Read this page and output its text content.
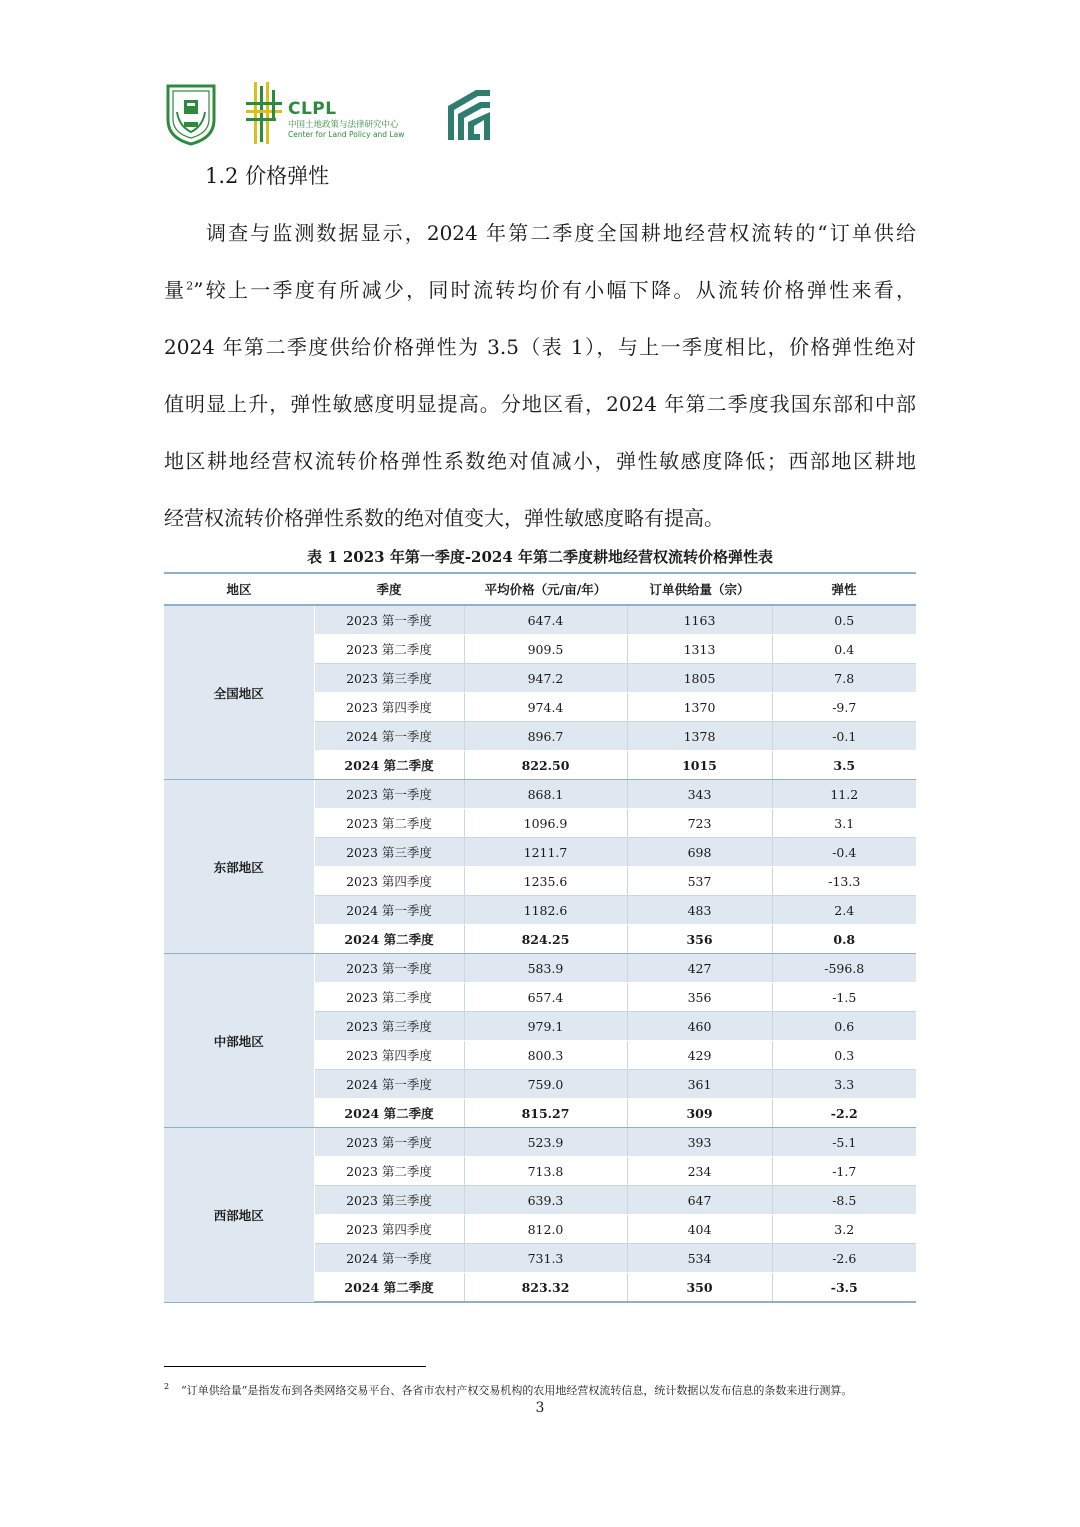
CLPL
中国土地政策与法律研究中心
Center for Land Policy and Law
1.2 价格弹性
调查与监测数据显示，2024 年第二季度全国耕地经营权流转的“订单供给
量$^2$”较上一季度有所减少，同时流转均价有小幅下降。从流转价格弹性来看，
2024 年第二季度供给价格弹性为 3.5（表 1），与上一季度相比，价格弹性绝对
值明显上升，弹性敏感度明显提高。分地区看，2024 年第二季度我国东部和中部
地区耕地经营权流转价格弹性系数绝对值减小，弹性敏感度降低；西部地区耕地
经营权流转价格弹性系数的绝对值变大，弹性敏感度略有提高。
表 1 2023 年第一季度-2024 年第二季度耕地经营权流转价格弹性表
地区	季度	平均价格（元/亩/年）	订单供给量（宗）	弹性
全国地区	2023 第一季度	647.4	1163	0.5
	2023 第二季度	909.5	1313	0.4
	2023 第三季度	947.2	1805	7.8
	2023 第四季度	974.4	1370	-9.7
	2024 第一季度	896.7	1378	-0.1
	2024 第二季度	822.50	1015	3.5
东部地区	2023 第一季度	868.1	343	11.2
	2023 第二季度	1096.9	723	3.1
	2023 第三季度	1211.7	698	-0.4
	2023 第四季度	1235.6	537	-13.3
	2024 第一季度	1182.6	483	2.4
	2024 第二季度	824.25	356	0.8
中部地区	2023 第一季度	583.9	427	-596.8
	2023 第二季度	657.4	356	-1.5
	2023 第三季度	979.1	460	0.6
	2023 第四季度	800.3	429	0.3
	2024 第一季度	759.0	361	3.3
	2024 第二季度	815.27	309	-2.2
西部地区	2023 第一季度	523.9	393	-5.1
	2023 第二季度	713.8	234	-1.7
	2023 第三季度	639.3	647	-8.5
	2023 第四季度	812.0	404	3.2
	2024 第一季度	731.3	534	-2.6
	2024 第二季度	823.32	350	-3.5
$^2$ “订单供给量”是指发布到各类网络交易平台、各省市农村产权交易机构的农用地经营权流转信息，统计数据以发布信息的条数来进行测算。
3
